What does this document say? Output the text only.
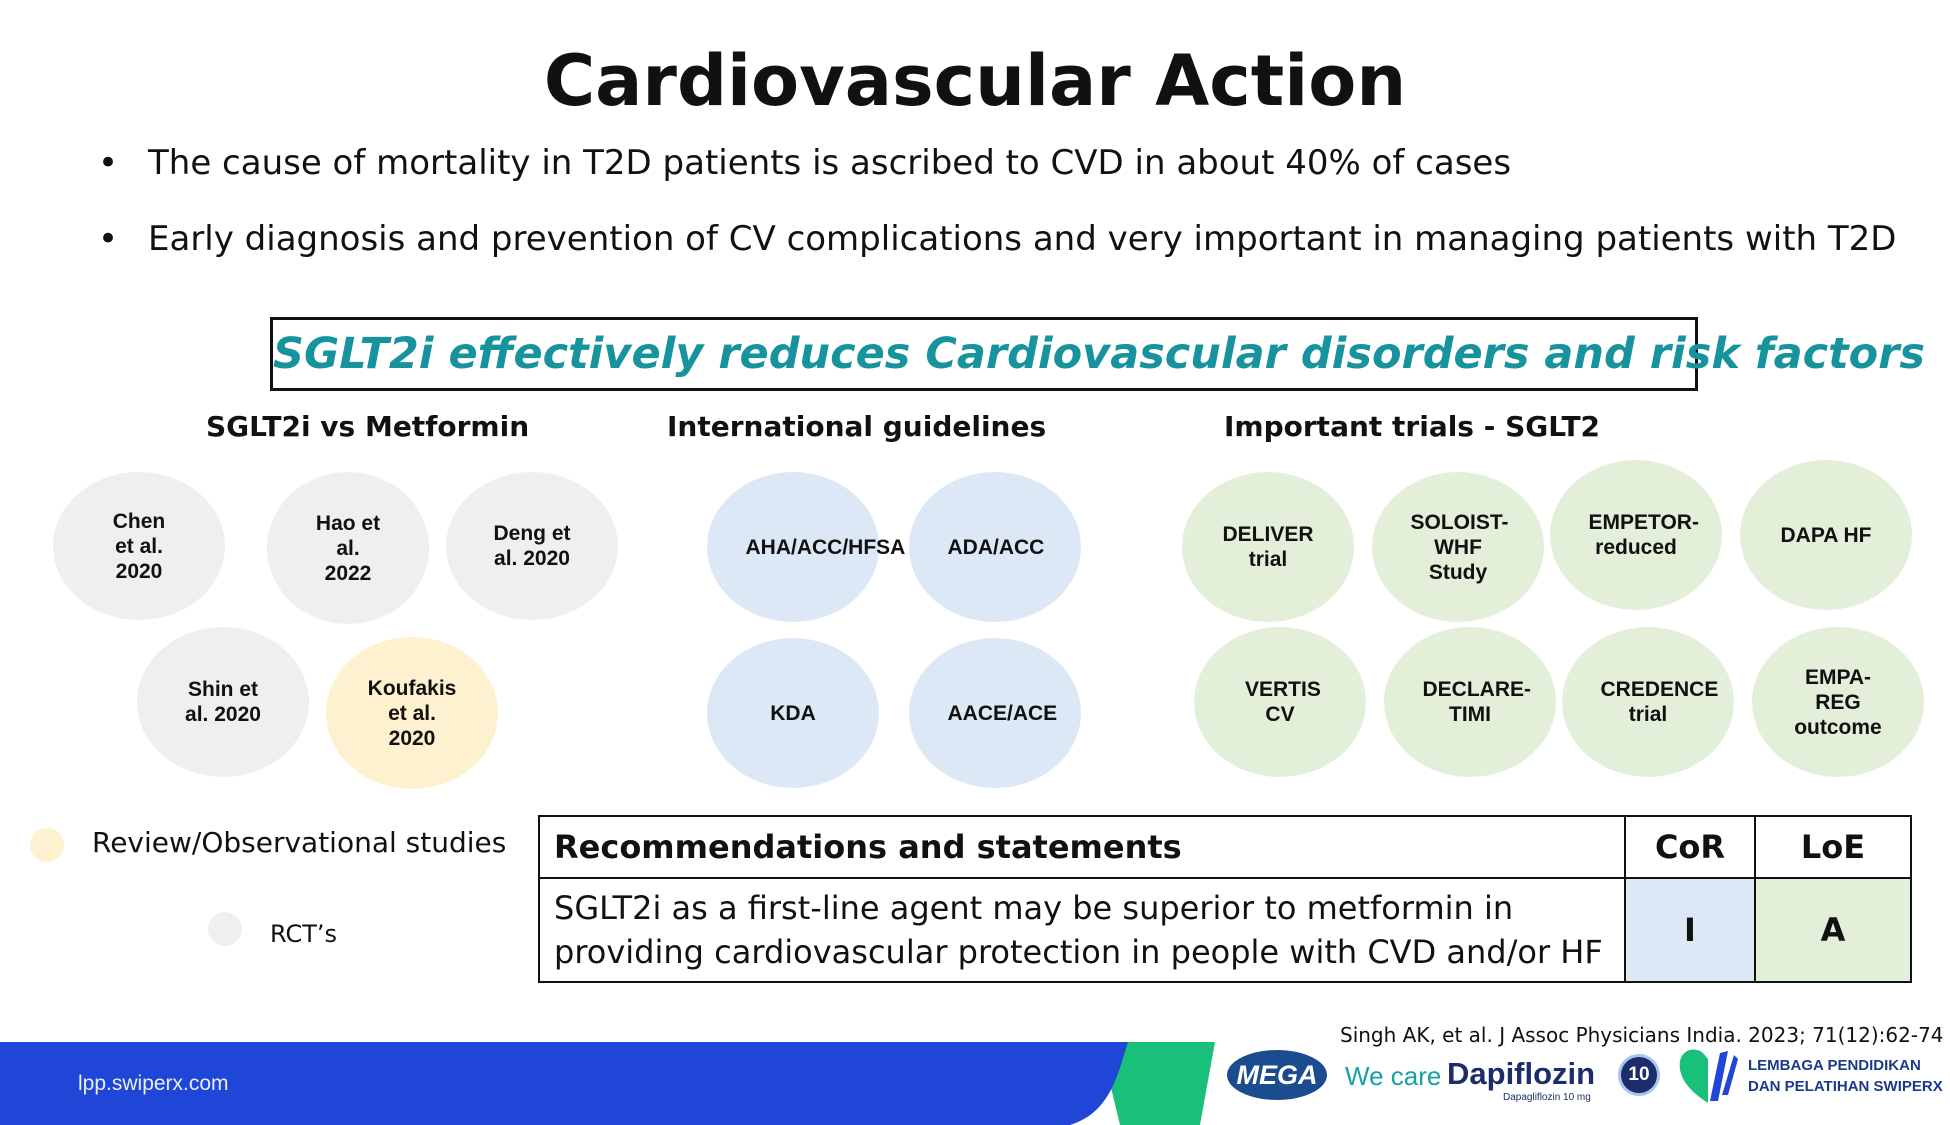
Cardiovascular Action
• The cause of mortality in T2D patients is ascribed to CVD in about 40% of cases
• Early diagnosis and prevention of CV complications and very important in managing patients with T2D
SGLT2i effectively reduces Cardiovascular disorders and risk factors
SGLT2i vs Metformin	International guidelines	Important trials - SGLT2
Chen et al. 2020
Hao et al. 2022
Deng et al. 2020
Shin et al. 2020
Koufakis et al. 2020
AHA/ACC/HFSA ADA/ACC
KDA	AACE/ACE
DELIVER trial
SOLOIST-WHF Study
EMPETOR-reduced
DAPA HF
VERTIS CV
DECLARE-TIMI
CREDENCE trial
EMPA-REG outcome
Review/Observational studies
RCT’s
Recommendations and statements	CoR	LoE

SGLT2i as a first-line agent may be superior to metformin in
providing cardiovascular protection in people with CVD and/or HF	I	A
Singh AK, et al. J Assoc Physicians India. 2023; 71(12):62-74
lpp.swiperx.com	MEGA We care Dapiflozin
Dapagliflozin 10 mg
10	LEMBAGA PENDIDIKAN
DAN PELATIHAN SWIPERX
